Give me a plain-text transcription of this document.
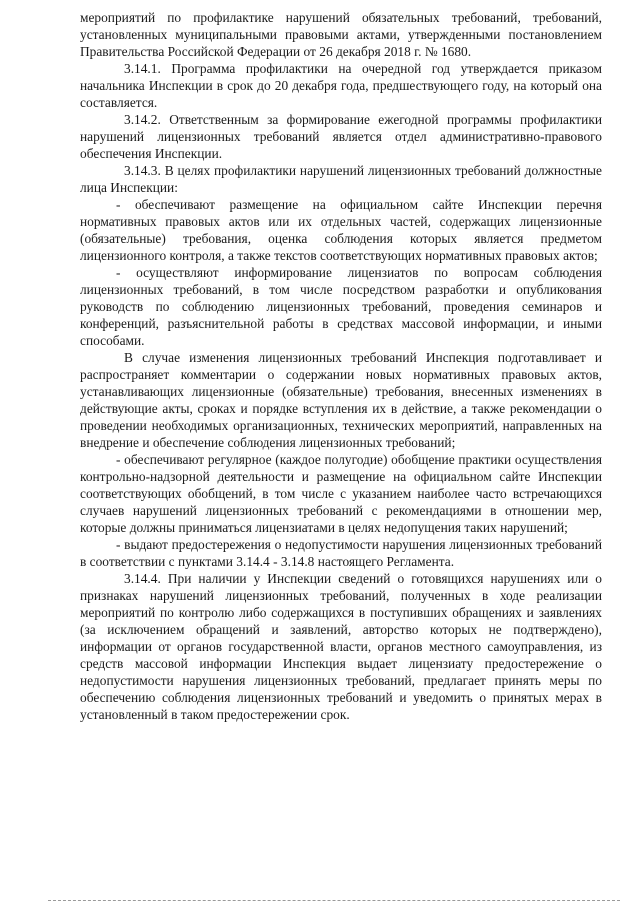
мероприятий по профилактике нарушений обязательных требований, требований, установленных муниципальными правовыми актами, утвержденными постановлением Правительства Российской Федерации от 26 декабря 2018 г. № 1680.

3.14.1. Программа профилактики на очередной год утверждается приказом начальника Инспекции в срок до 20 декабря года, предшествующего году, на который она составляется.

3.14.2. Ответственным за формирование ежегодной программы профилактики нарушений лицензионных требований является отдел административно-правового обеспечения Инспекции.

3.14.3. В целях профилактики нарушений лицензионных требований должностные лица Инспекции:

- обеспечивают размещение на официальном сайте Инспекции перечня нормативных правовых актов или их отдельных частей, содержащих лицензионные (обязательные) требования, оценка соблюдения которых является предметом лицензионного контроля, а также текстов соответствующих нормативных правовых актов;

- осуществляют информирование лицензиатов по вопросам соблюдения лицензионных требований, в том числе посредством разработки и опубликования руководств по соблюдению лицензионных требований, проведения семинаров и конференций, разъяснительной работы в средствах массовой информации, и иными способами.

В случае изменения лицензионных требований Инспекция подготавливает и распространяет комментарии о содержании новых нормативных правовых актов, устанавливающих лицензионные (обязательные) требования, внесенных изменениях в действующие акты, сроках и порядке вступления их в действие, а также рекомендации о проведении необходимых организационных, технических мероприятий, направленных на внедрение и обеспечение соблюдения лицензионных требований;

- обеспечивают регулярное (каждое полугодие) обобщение практики осуществления контрольно-надзорной деятельности и размещение на официальном сайте Инспекции соответствующих обобщений, в том числе с указанием наиболее часто встречающихся случаев нарушений лицензионных требований с рекомендациями в отношении мер, которые должны приниматься лицензиатами в целях недопущения таких нарушений;

- выдают предостережения о недопустимости нарушения лицензионных требований в соответствии с пунктами 3.14.4 - 3.14.8 настоящего Регламента.

3.14.4. При наличии у Инспекции сведений о готовящихся нарушениях или о признаках нарушений лицензионных требований, полученных в ходе реализации мероприятий по контролю либо содержащихся в поступивших обращениях и заявлениях (за исключением обращений и заявлений, авторство которых не подтверждено), информации от органов государственной власти, органов местного самоуправления, из средств массовой информации Инспекция выдает лицензиату предостережение о недопустимости нарушения лицензионных требований, предлагает принять меры по обеспечению соблюдения лицензионных требований и уведомить о принятых мерах в установленный в таком предостережении срок.
